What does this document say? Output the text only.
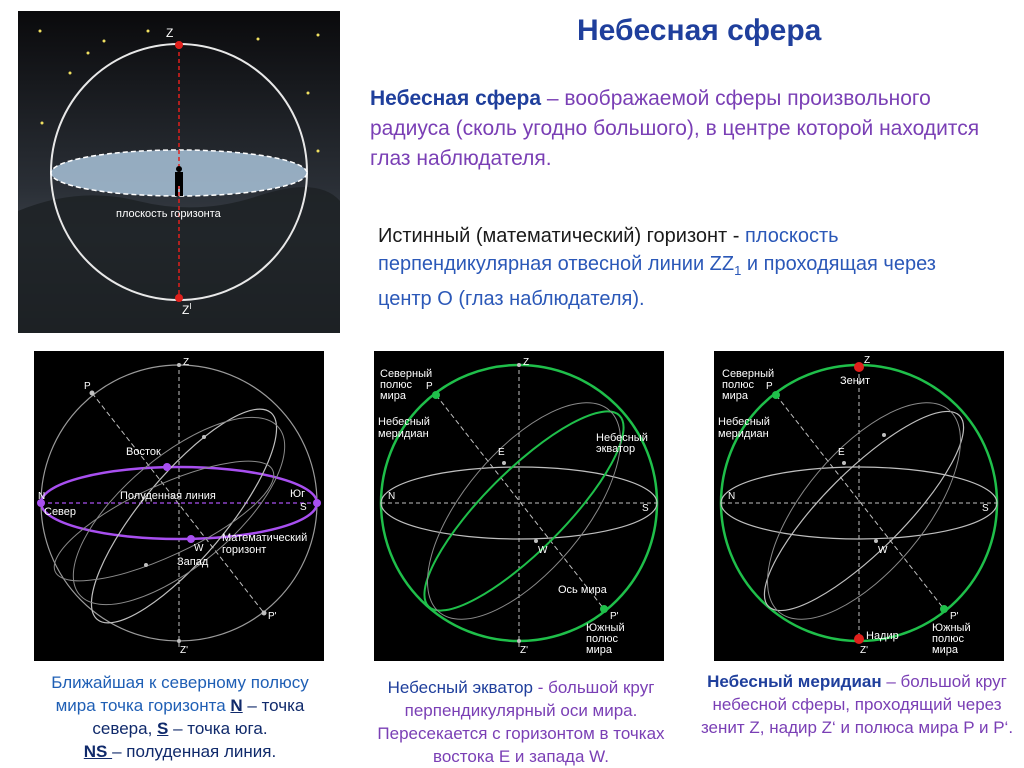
Небесная сфера
Небесная сфера – воображаемой сферы произвольного радиуса (сколь угодно большого), в центре которой находится глаз наблюдателя.
Истинный (математический) горизонт - плоскость перпендикулярная отвесной линии $ZZ_1$ и проходящая через центр О (глаз наблюдателя).
Z
$Z^I$
плоскость горизонта
Z
Z'
P
P'
N
S
W
Восток
Полуденная линия	Юг
Север
Математический
горизонт
Запад
Северный
полюс
мира
P
Z
Небесный
меридиан
E
Небесный
экватор
N
S
W
Ось мира
P'
Южный
полюс
мира
Z'
Северный
полюс
мира
P
Z
Зенит
Небесный
меридиан
E
N
S
W
P'
Надир
Z'
Южный
полюс
мира
Ближайшая к северному полюсу
мира точка горизонта N – точка
севера, S – точка юга.
NS – полуденная линия.
Небесный экватор - большой круг перпендикулярный оси мира. Пересекается с горизонтом в точках востока Е и запада W.
Небесный меридиан – большой круг небесной сферы, проходящий через зенит Z, надир Z‘ и полюса мира P и P‘.
